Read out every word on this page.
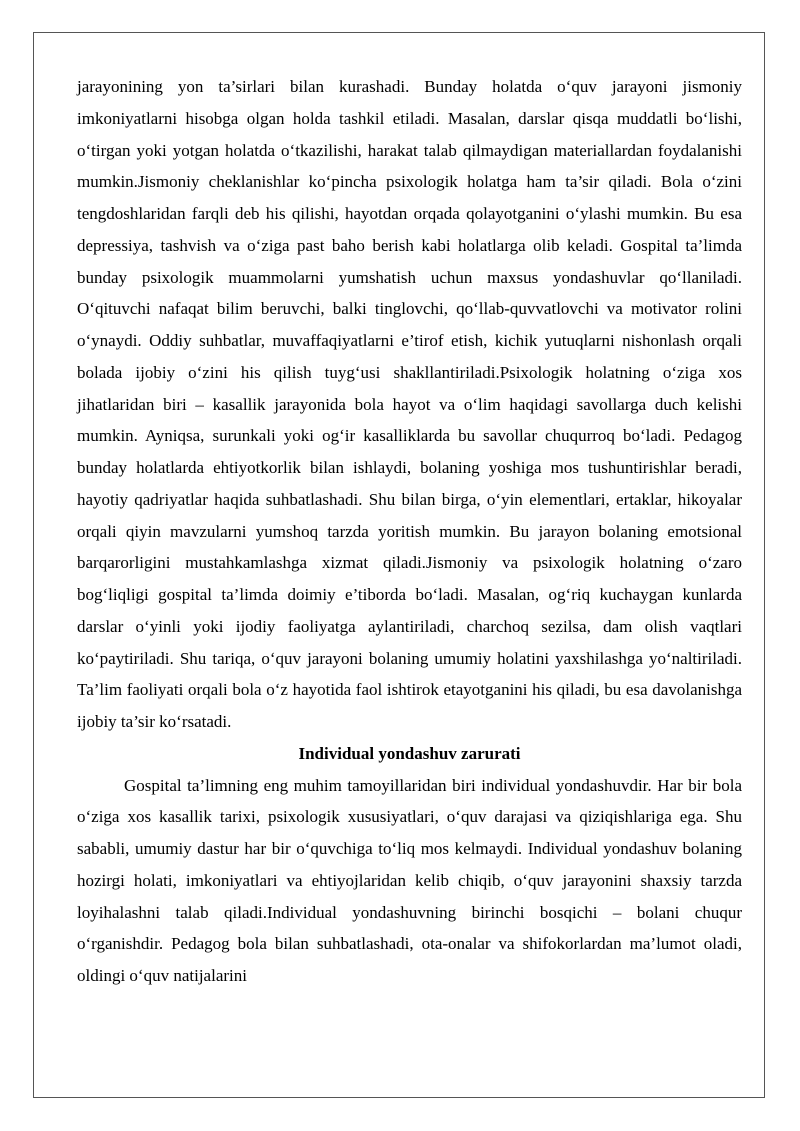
jarayonining yon ta’sirlari bilan kurashadi. Bunday holatda o‘quv jarayoni jismoniy imkoniyatlarni hisobga olgan holda tashkil etiladi. Masalan, darslar qisqa muddatli bo‘lishi, o‘tirgan yoki yotgan holatda o‘tkazilishi, harakat talab qilmaydigan materiallardan foydalanishi mumkin.Jismoniy cheklanishlar ko‘pincha psixologik holatga ham ta’sir qiladi. Bola o‘zini tengdoshlaridan farqli deb his qilishi, hayotdan orqada qolayotganini o‘ylashi mumkin. Bu esa depressiya, tashvish va o‘ziga past baho berish kabi holatlarga olib keladi. Gospital ta’limda bunday psixologik muammolarni yumshatish uchun maxsus yondashuvlar qo‘llaniladi. O‘qituvchi nafaqat bilim beruvchi, balki tinglovchi, qo‘llab-quvvatlovchi va motivator rolini o‘ynaydi. Oddiy suhbatlar, muvaffaqiyatlarni e’tirof etish, kichik yutuqlarni nishonlash orqali bolada ijobiy o‘zini his qilish tuyg‘usi shakllantiriladi.Psixologik holatning o‘ziga xos jihatlaridan biri – kasallik jarayonida bola hayot va o‘lim haqidagi savollarga duch kelishi mumkin. Ayniqsa, surunkali yoki og‘ir kasalliklarda bu savollar chuqurroq bo‘ladi. Pedagog bunday holatlarda ehtiyotkorlik bilan ishlaydi, bolaning yoshiga mos tushuntirishlar beradi, hayotiy qadriyatlar haqida suhbatlashadi. Shu bilan birga, o‘yin elementlari, ertaklar, hikoyalar orqali qiyin mavzularni yumshoq tarzda yoritish mumkin. Bu jarayon bolaning emotsional barqarorligini mustahkamlashga xizmat qiladi.Jismoniy va psixologik holatning o‘zaro bog‘liqligi gospital ta’limda doimiy e’tiborda bo‘ladi. Masalan, og‘riq kuchaygan kunlarda darslar o‘yinli yoki ijodiy faoliyatga aylantiriladi, charchoq sezilsa, dam olish vaqtlari ko‘paytiriladi. Shu tariqa, o‘quv jarayoni bolaning umumiy holatini yaxshilashga yo‘naltiriladi. Ta’lim faoliyati orqali bola o‘z hayotida faol ishtirok etayotganini his qiladi, bu esa davolanishga ijobiy ta’sir ko‘rsatadi.

Individual yondashuv zarurati

Gospital ta’limning eng muhim tamoyillaridan biri individual yondashuvdir. Har bir bola o‘ziga xos kasallik tarixi, psixologik xususiyatlari, o‘quv darajasi va qiziqishlariga ega. Shu sababli, umumiy dastur har bir o‘quvchiga to‘liq mos kelmaydi. Individual yondashuv bolaning hozirgi holati, imkoniyatlari va ehtiyojlaridan kelib chiqib, o‘quv jarayonini shaxsiy tarzda loyihalashni talab qiladi.Individual yondashuvning birinchi bosqichi – bolani chuqur o‘rganishdir. Pedagog bola bilan suhbatlashadi, ota-onalar va shifokorlardan ma’lumot oladi, oldingi o‘quv natijalarini
